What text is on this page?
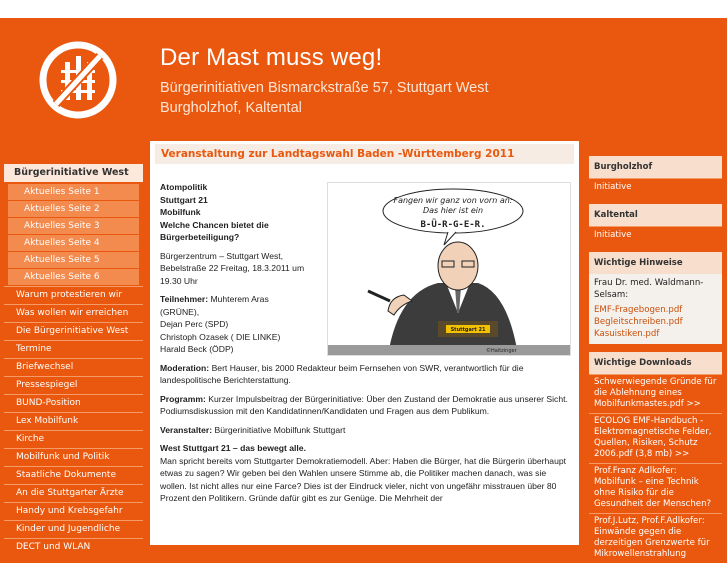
Der Mast muss weg!
Bürgerinitiativen Bismarckstraße 57, Stuttgart West Burgholzhof, Kaltental
Bürgerinitiative West
Aktuelles Seite 1
Aktuelles Seite 2
Aktuelles Seite 3
Aktuelles Seite 4
Aktuelles Seite 5
Aktuelles Seite 6
Warum protestieren wir
Was wollen wir erreichen
Die Bürgerinitiative West
Termine
Briefwechsel
Pressespiegel
BUND-Position
Lex Mobilfunk
Kirche
Mobilfunk und Politik
Staatliche Dokumente
An die Stuttgarter Ärzte
Handy und Krebsgefahr
Kinder und Jugendliche
DECT und WLAN
Veranstaltung zur Landtagswahl Baden -Württemberg 2011

Atompolitik

Stuttgart 21

Mobilfunk

Welche Chancen bietet die Bürgerbeteiligung?

Bürgerzentrum – Stuttgart West, Bebelstraße 22 Freitag, 18.3.2011 um 19.30 Uhr

Teilnehmer: Muhterem Aras (GRÜNE),

Dejan Perc (SPD)

Christoph Ozasek ( DIE LINKE)

Harald Beck (ÖDP)

Moderation: Bert Hauser, bis 2000 Redakteur beim Fernsehen von SWR, verantwortlich für die landespolitische Berichterstattung.

Programm: Kurzer Impulsbeitrag der Bürgerinitiative: Über den Zustand der Demokratie aus unserer Sicht.

Podiumsdiskussion mit den Kandidatinnen/Kandidaten und Fragen aus dem Publikum.

Veranstalter: Bürgerinitiative Mobilfunk Stuttgart

West Stuttgart 21 – das bewegt alle.

Man spricht bereits vom Stuttgarter Demokratiemodell. Aber: Haben die Bürger, hat die Bürgerin überhaupt etwas zu sagen? Wir geben bei den Wahlen unsere Stimme ab, die Politiker machen danach, was sie wollen. Ist nicht alles nur eine Farce? Dies ist der Eindruck vieler, nicht von ungefähr misstrauen über 80 Prozent den Politikern. Gründe dafür gibt es zur Genüge. Die Mehrheit der

Fangen wir ganz von vorn an:
Das hier ist ein
B-Ü-R-G-E-R.
Stuttgart 21
©Haitzinger
Burgholzhof
Initiative
Kaltental
Initiative
Wichtige Hinweise
Frau Dr. med. Waldmann-Selsam:
EMF-Fragebogen.pdf
Begleitschreiben.pdf
Kasuistiken.pdf
Wichtige Downloads
Schwerwiegende Gründe für die Ablehnung eines Mobilfunkmastes.pdf >>
ECOLOG EMF-Handbuch - Elektromagnetische Felder, Quellen, Risiken, Schutz 2006.pdf (3,8 mb) >>
Prof.Franz Adlkofer: Mobilfunk – eine Technik ohne Risiko für die Gesundheit der Menschen?
Prof.J.Lutz, Prof.F.Adlkofer: Einwände gegen die derzeitigen Grenzwerte für Mikrowellenstrahlung
